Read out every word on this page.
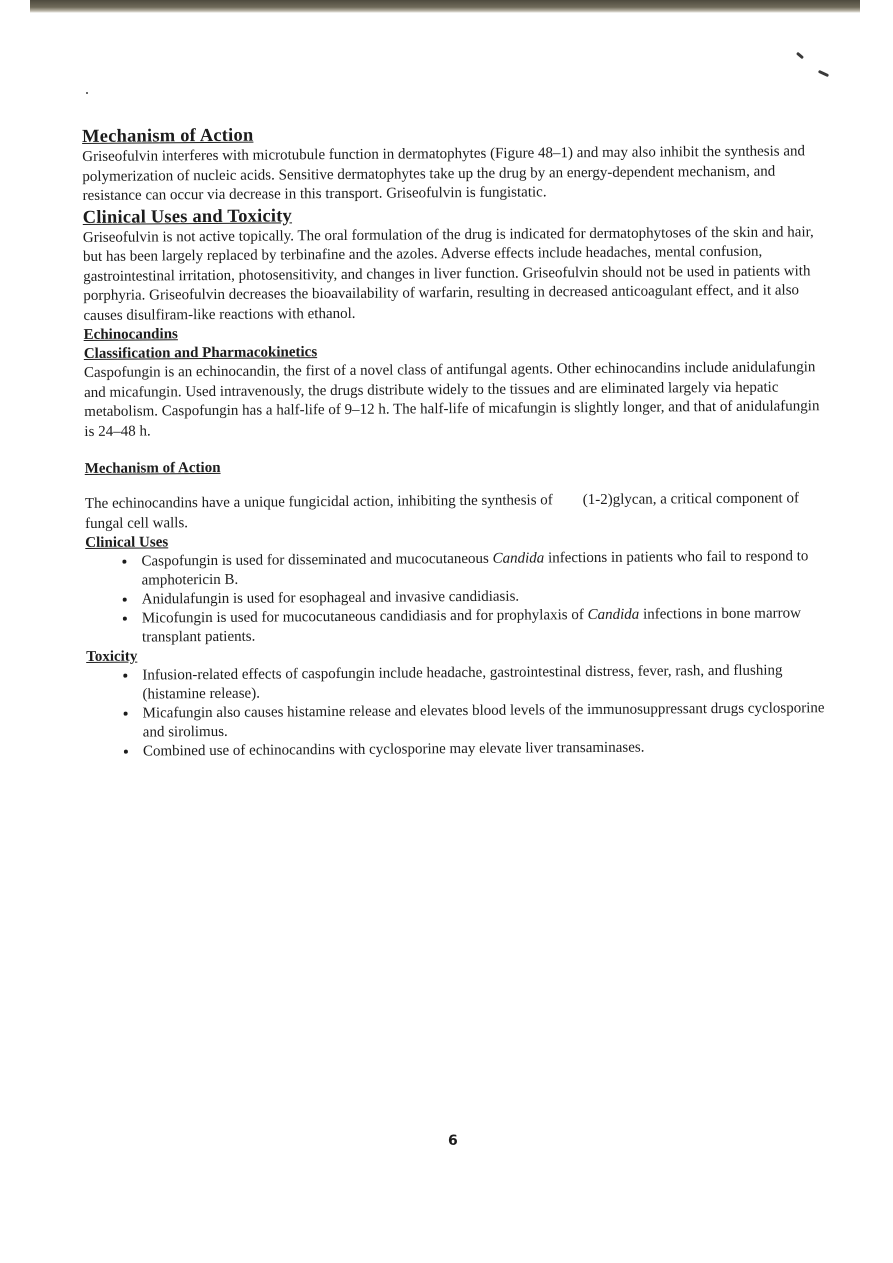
Mechanism of Action

Griseofulvin interferes with microtubule function in dermatophytes (Figure 48–1) and may also inhibit the synthesis and polymerization of nucleic acids. Sensitive dermatophytes take up the drug by an energy-dependent mechanism, and resistance can occur via decrease in this transport. Griseofulvin is fungistatic.

Clinical Uses and Toxicity

Griseofulvin is not active topically. The oral formulation of the drug is indicated for dermatophytoses of the skin and hair, but has been largely replaced by terbinafine and the azoles. Adverse effects include headaches, mental confusion, gastrointestinal irritation, photosensitivity, and changes in liver function. Griseofulvin should not be used in patients with porphyria. Griseofulvin decreases the bioavailability of warfarin, resulting in decreased anticoagulant effect, and it also causes disulfiram-like reactions with ethanol.

Echinocandins
Classification and Pharmacokinetics

Caspofungin is an echinocandin, the first of a novel class of antifungal agents. Other echinocandins include anidulafungin and micafungin. Used intravenously, the drugs distribute widely to the tissues and are eliminated largely via hepatic metabolism. Caspofungin has a half-life of 9–12 h. The half-life of micafungin is slightly longer, and that of anidulafungin is 24–48 h.

Mechanism of Action

The echinocandins have a unique fungicidal action, inhibiting the synthesis of        (1-2)glycan, a critical component of fungal cell walls.

Clinical Uses
• Caspofungin is used for disseminated and mucocutaneous Candida infections in patients who fail to respond to amphotericin B.
• Anidulafungin is used for esophageal and invasive candidiasis.
• Micofungin is used for mucocutaneous candidiasis and for prophylaxis of Candida infections in bone marrow transplant patients.
Toxicity
• Infusion-related effects of caspofungin include headache, gastrointestinal distress, fever, rash, and flushing (histamine release).
• Micafungin also causes histamine release and elevates blood levels of the immunosuppressant drugs cyclosporine and sirolimus.
• Combined use of echinocandins with cyclosporine may elevate liver transaminases.
6
